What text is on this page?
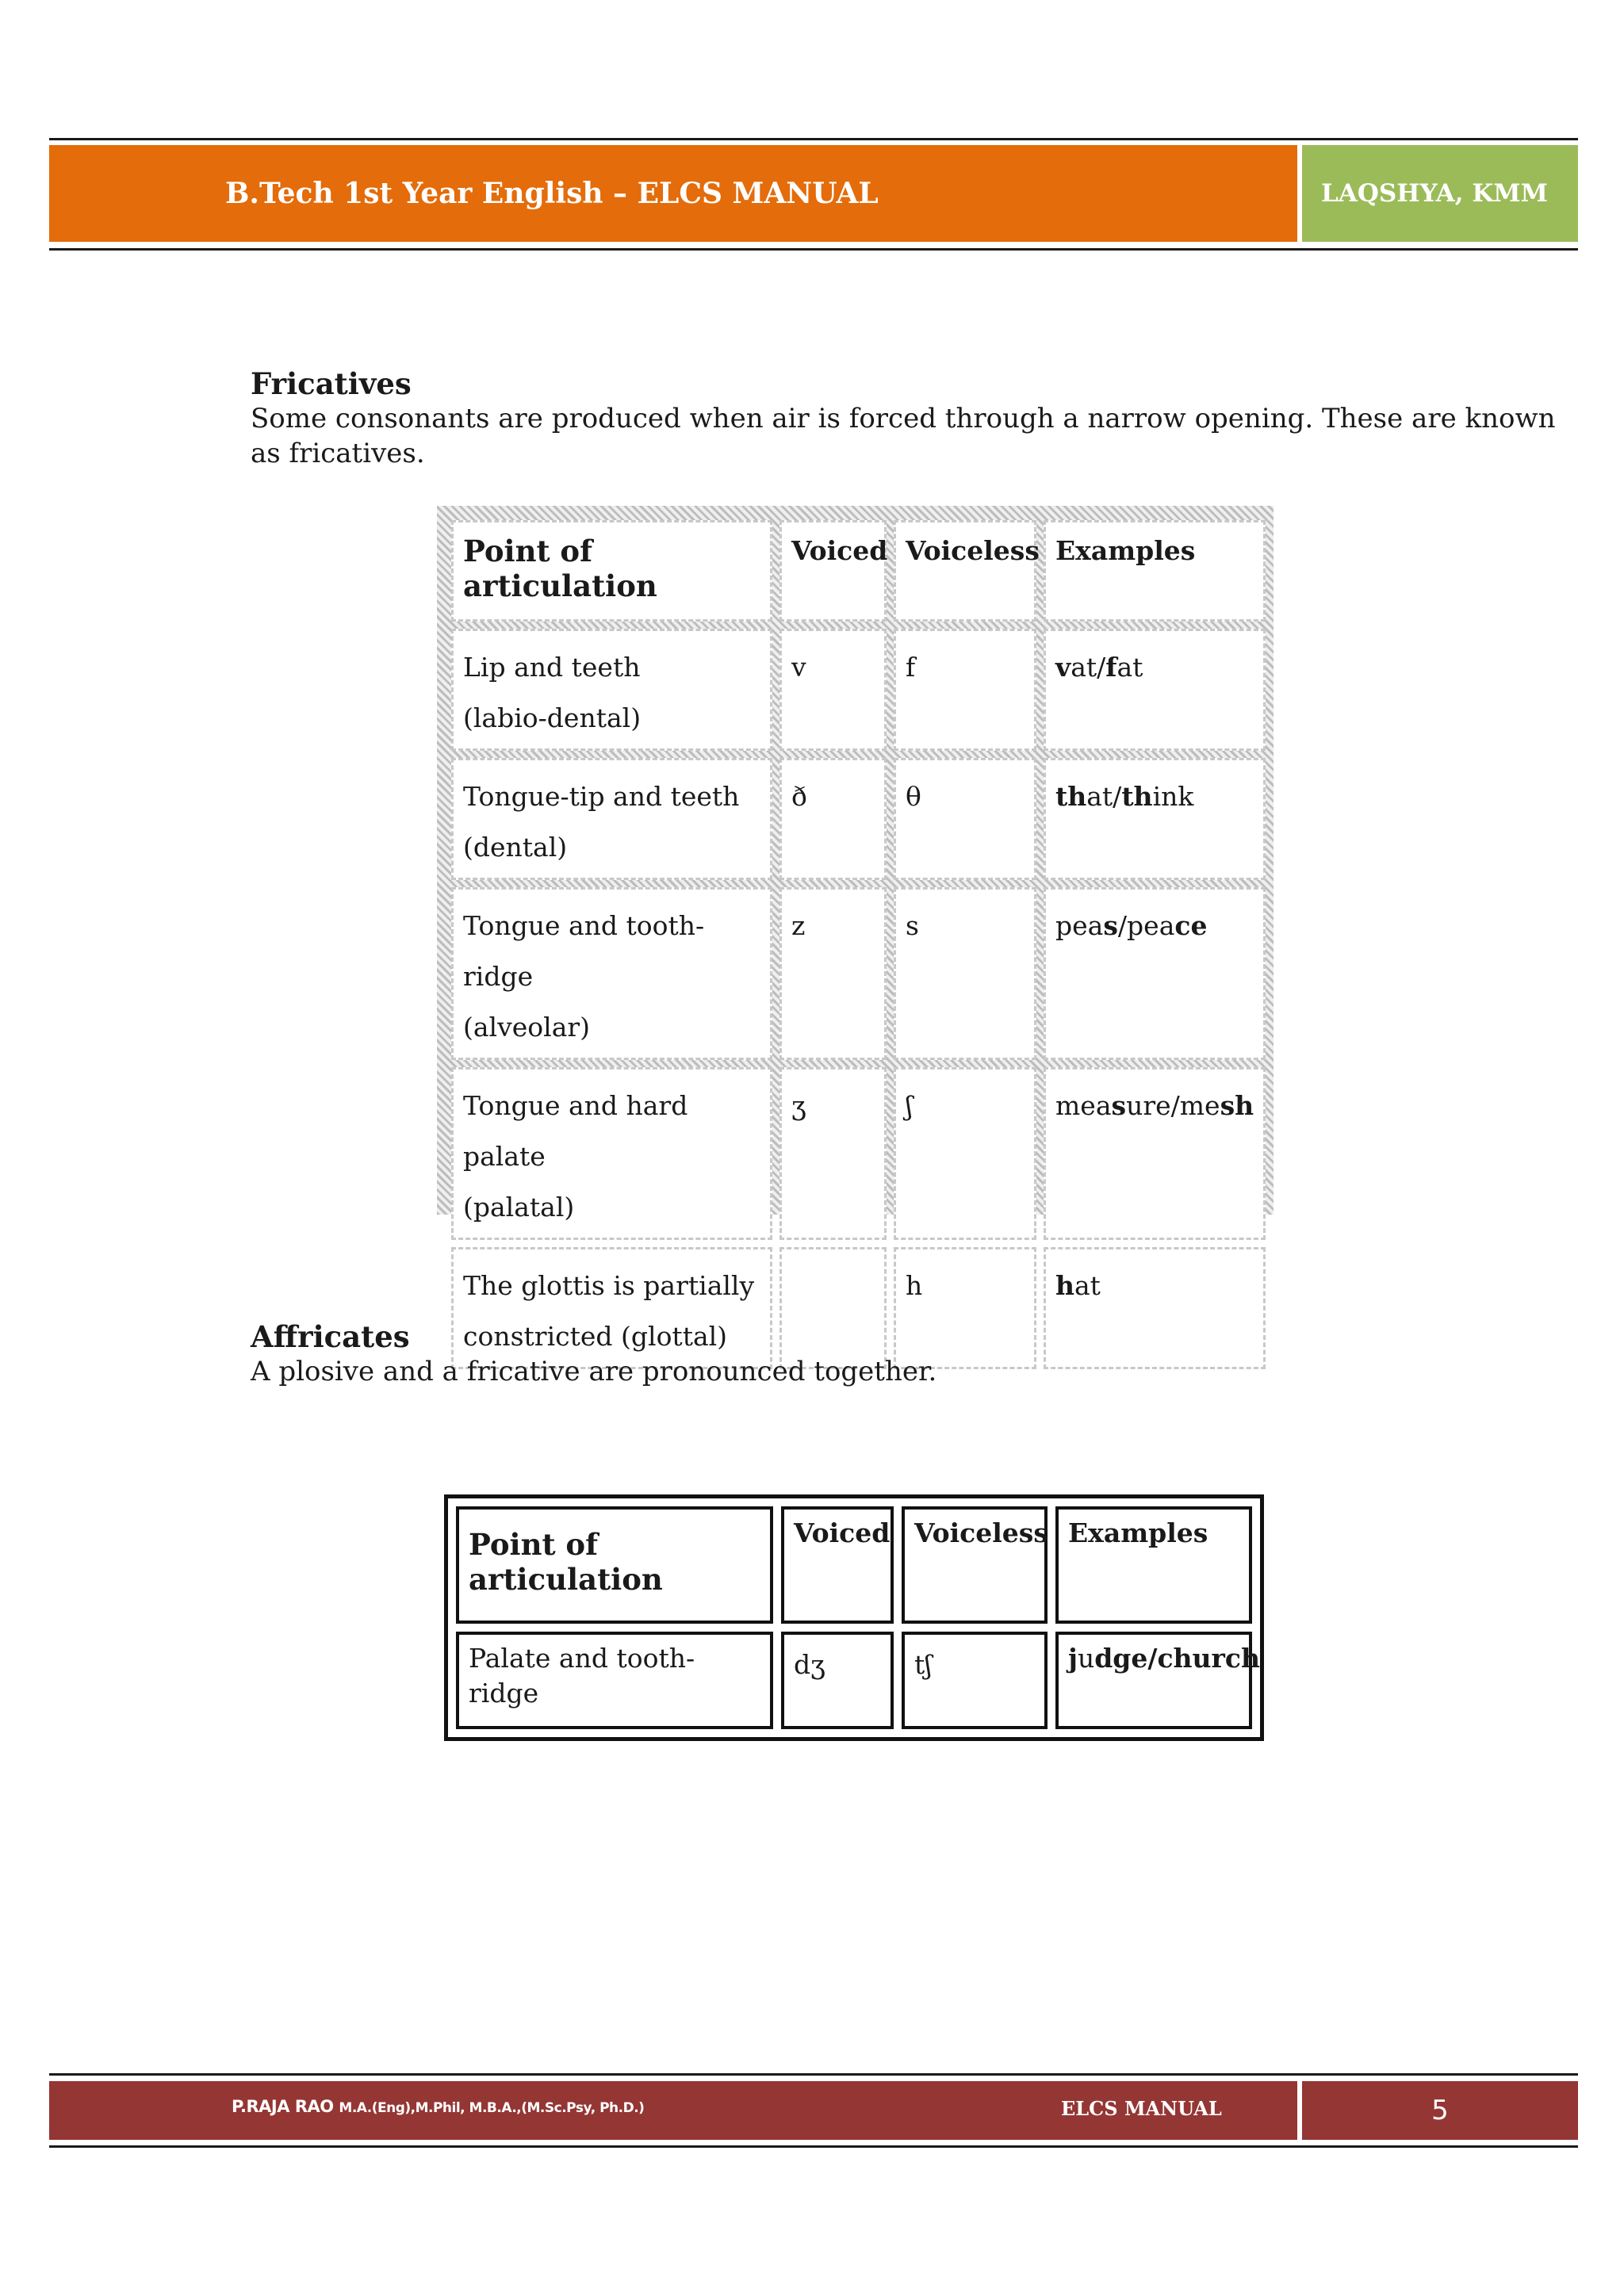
B.Tech 1st Year English – ELCS MANUAL	LAQSHYA, KMM
Fricatives

Some consonants are produced when air is forced through a narrow opening. These are known as fricatives.

Point of articulation	Voiced	Voiceless	Examples
Lip and teeth
(labio-dental)	v	f	vat/fat
Tongue-tip and teeth
(dental)	ð	θ	that/think
Tongue and tooth-ridge
(alveolar)	z	s	peas/peace
Tongue and hard palate
(palatal)	ʒ	ʃ	measure/mesh
The glottis is partially
constricted (glottal)		h	hat
Affricates

A plosive and a fricative are pronounced together.

Point of articulation	Voiced	Voiceless	Examples
Palate and tooth-ridge	dʒ	tʃ	judge/church
5
P.RAJA RAO M.A.(Eng),M.Phil, M.B.A.,(M.Sc.Psy, Ph.D.)	ELCS MANUAL
